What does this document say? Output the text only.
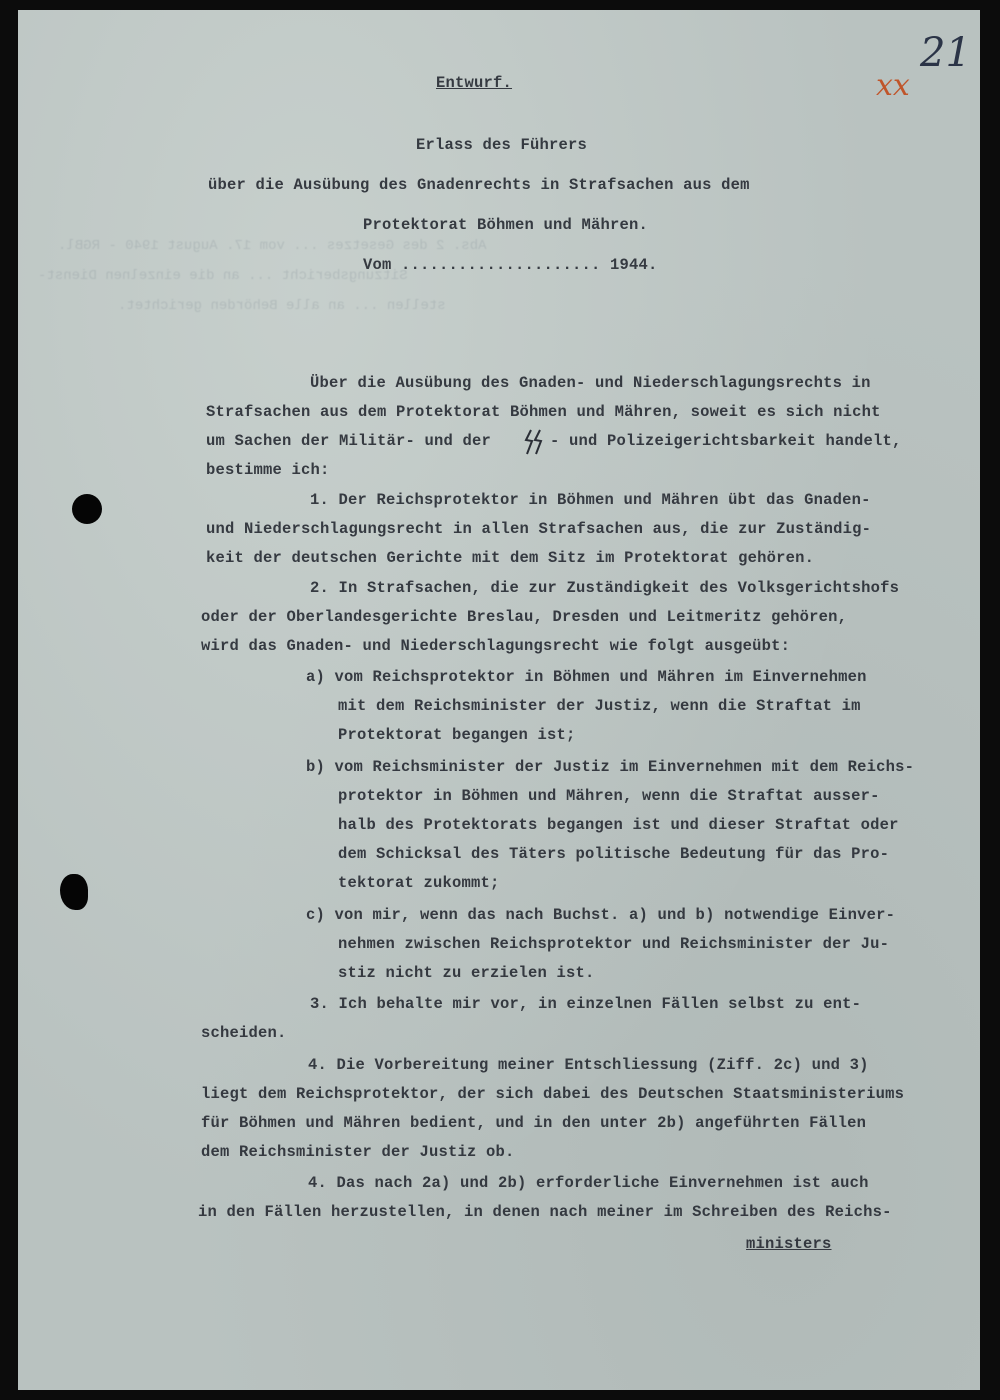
Abs. 2 des Gesetzes ... vom 17. August 1940 - RGBl.
Sitzungsbericht ... an die einzelnen Dienst-
stellen ... an alle Behörden gerichtet.
xx
21
Entwurf.
Erlass des Führers
über die Ausübung des Gnadenrechts in Strafsachen aus dem
Protektorat Böhmen und Mähren.
Vom ..................... 1944.
Über die Ausübung des Gnaden- und Niederschlagungsrechts in
Strafsachen aus dem Protektorat Böhmen und Mähren, soweit es sich nicht
um Sachen der Militär- und der	- und Polizeigerichtsbarkeit handelt,
bestimme ich:
1. Der Reichsprotektor in Böhmen und Mähren übt das Gnaden-
und Niederschlagungsrecht in allen Strafsachen aus, die zur Zuständig-
keit der deutschen Gerichte mit dem Sitz im Protektorat gehören.
2. In Strafsachen, die zur Zuständigkeit des Volksgerichtshofs
oder der Oberlandesgerichte Breslau, Dresden und Leitmeritz gehören,
wird das Gnaden- und Niederschlagungsrecht wie folgt ausgeübt:
a) vom Reichsprotektor in Böhmen und Mähren im Einvernehmen
mit dem Reichsminister der Justiz, wenn die Straftat im
Protektorat begangen ist;
b) vom Reichsminister der Justiz im Einvernehmen mit dem Reichs-
protektor in Böhmen und Mähren, wenn die Straftat ausser-
halb des Protektorats begangen ist und dieser Straftat oder
dem Schicksal des Täters politische Bedeutung für das Pro-
tektorat zukommt;
c) von mir, wenn das nach Buchst. a) und b) notwendige Einver-
nehmen zwischen Reichsprotektor und Reichsminister der Ju-
stiz nicht zu erzielen ist.
3. Ich behalte mir vor, in einzelnen Fällen selbst zu ent-
scheiden.
4. Die Vorbereitung meiner Entschliessung (Ziff. 2c) und 3)
liegt dem Reichsprotektor, der sich dabei des Deutschen Staatsministeriums
für Böhmen und Mähren bedient, und in den unter 2b) angeführten Fällen
dem Reichsminister der Justiz ob.
4. Das nach 2a) und 2b) erforderliche Einvernehmen ist auch
in den Fällen herzustellen, in denen nach meiner im Schreiben des Reichs-
ministers
